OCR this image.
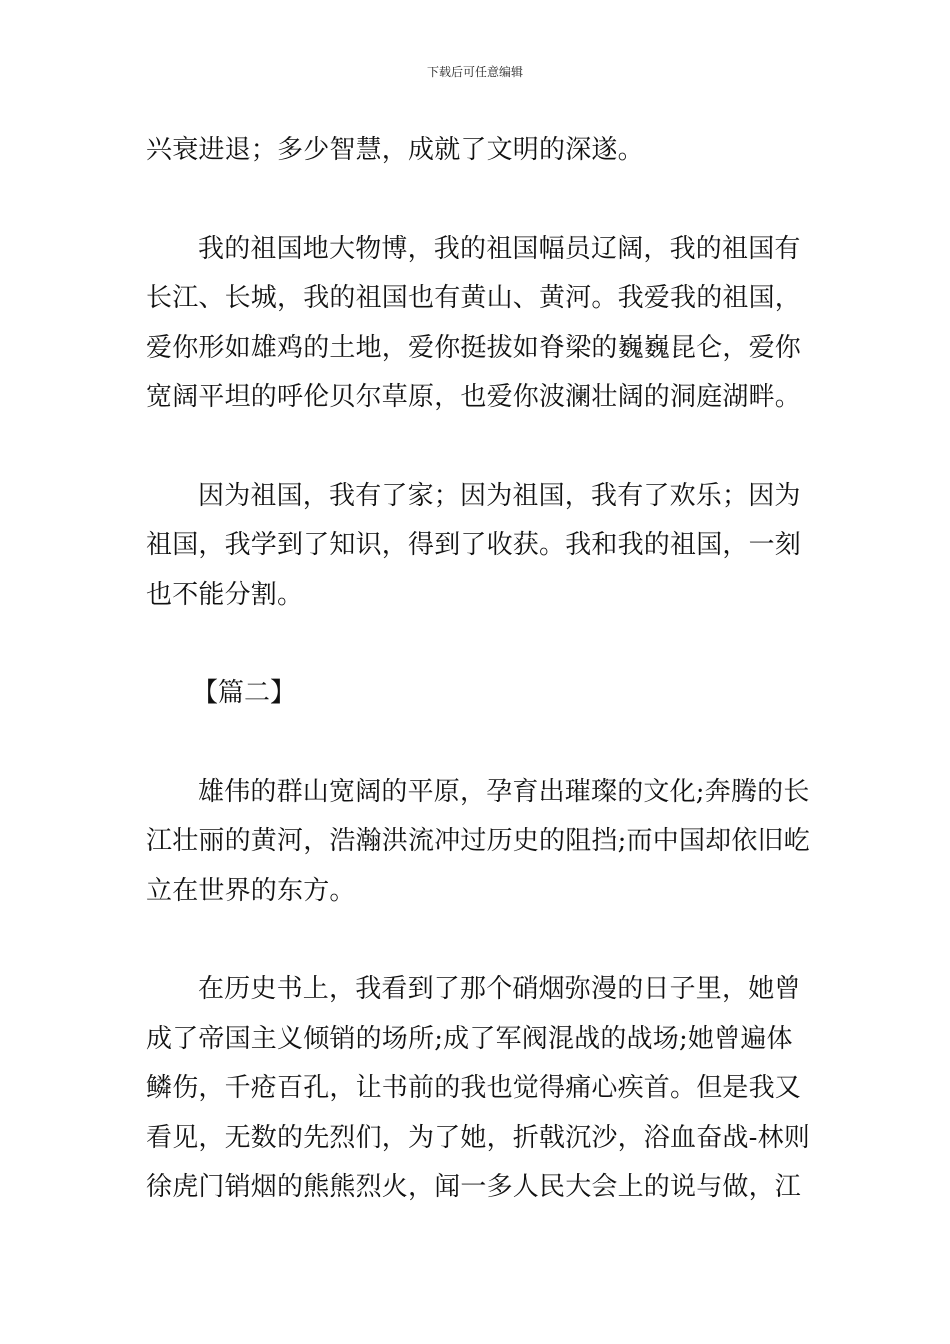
下载后可任意编辑

兴衰进退；多少智慧，成就了文明的深遂。

我的祖国地大物博，我的祖国幅员辽阔，我的祖国有
长江、长城，我的祖国也有黄山、黄河。我爱我的祖国，
爱你形如雄鸡的土地，爱你挺拔如脊梁的巍巍昆仑，爱你
宽阔平坦的呼伦贝尔草原，也爱你波澜壮阔的洞庭湖畔。

因为祖国，我有了家；因为祖国，我有了欢乐；因为
祖国，我学到了知识，得到了收获。我和我的祖国，一刻
也不能分割。

【篇二】

雄伟的群山宽阔的平原，孕育出璀璨的文化;奔腾的长
江壮丽的黄河，浩瀚洪流冲过历史的阻挡;而中国却依旧屹
立在世界的东方。

在历史书上，我看到了那个硝烟弥漫的日子里，她曾
成了帝国主义倾销的场所;成了军阀混战的战场;她曾遍体
鳞伤，千疮百孔，让书前的我也觉得痛心疾首。但是我又
看见，无数的先烈们，为了她，折戟沉沙，浴血奋战-林则
徐虎门销烟的熊熊烈火，闻一多人民大会上的说与做，江
